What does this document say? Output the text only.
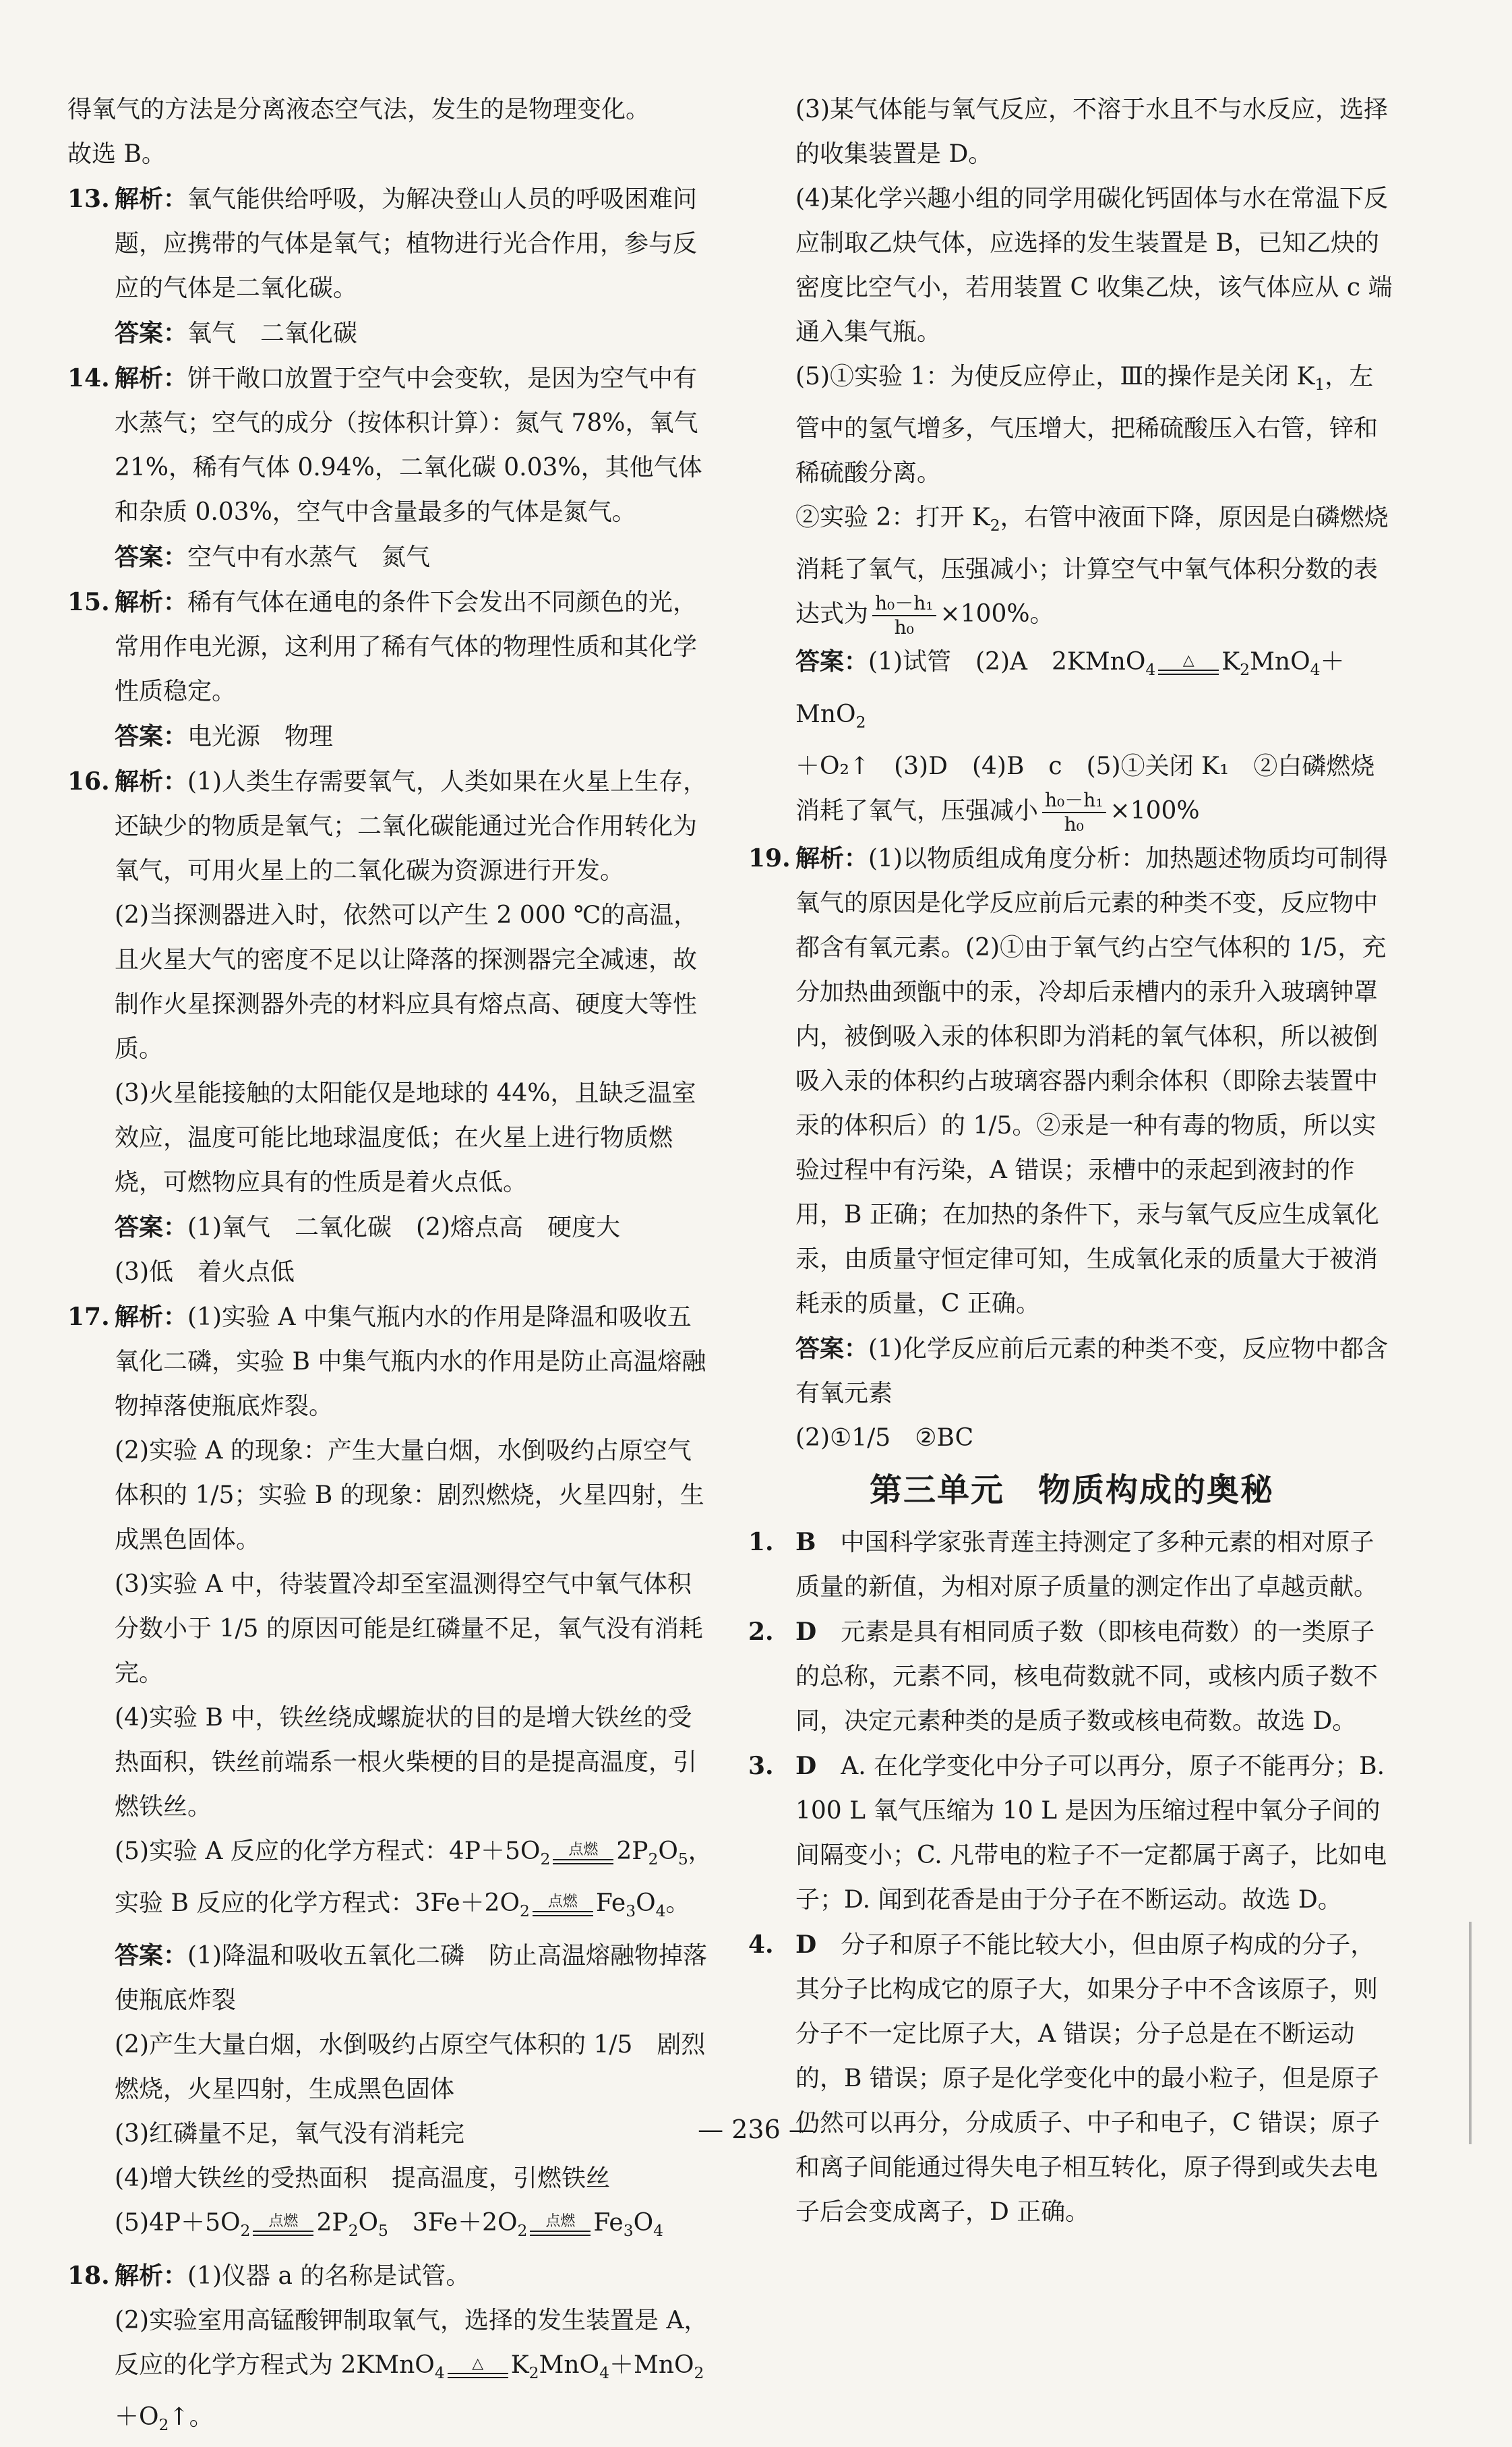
得氧气的方法是分离液态空气法，发生的是物理变化。
故选 B。
13. 解析：氧气能供给呼吸，为解决登山人员的呼吸困难问题，应携带的气体是氧气；植物进行光合作用，参与反应的气体是二氧化碳。
答案：氧气　二氧化碳
14. 解析：饼干敞口放置于空气中会变软，是因为空气中有水蒸气；空气的成分（按体积计算）：氮气 78%，氧气 21%，稀有气体 0.94%，二氧化碳 0.03%，其他气体和杂质 0.03%，空气中含量最多的气体是氮气。
答案：空气中有水蒸气　氮气
15. 解析：稀有气体在通电的条件下会发出不同颜色的光，常用作电光源，这利用了稀有气体的物理性质和其化学性质稳定。
答案：电光源　物理
16. 解析：(1)人类生存需要氧气，人类如果在火星上生存，还缺少的物质是氧气；二氧化碳能通过光合作用转化为氧气，可用火星上的二氧化碳为资源进行开发。
(2)当探测器进入时，依然可以产生 2 000 ℃的高温，且火星大气的密度不足以让降落的探测器完全减速，故制作火星探测器外壳的材料应具有熔点高、硬度大等性质。
(3)火星能接触的太阳能仅是地球的 44%，且缺乏温室效应，温度可能比地球温度低；在火星上进行物质燃烧，可燃物应具有的性质是着火点低。
答案：(1)氧气　二氧化碳　(2)熔点高　硬度大
(3)低　着火点低
17. 解析：(1)实验 A 中集气瓶内水的作用是降温和吸收五氧化二磷，实验 B 中集气瓶内水的作用是防止高温熔融物掉落使瓶底炸裂。
(2)实验 A 的现象：产生大量白烟，水倒吸约占原空气体积的 1/5；实验 B 的现象：剧烈燃烧，火星四射，生成黑色固体。
(3)实验 A 中，待装置冷却至室温测得空气中氧气体积分数小于 1/5 的原因可能是红磷量不足，氧气没有消耗完。
(4)实验 B 中，铁丝绕成螺旋状的目的是增大铁丝的受热面积，铁丝前端系一根火柴梗的目的是提高温度，引燃铁丝。
(5)实验 A 反应的化学方程式：$4P+5O_2$	点燃 $2P_2O_5$，实验 B 反应的化学方程式：$3Fe+2O_2$	点燃 $Fe_3O_4$。
答案：(1)降温和吸收五氧化二磷　防止高温熔融物掉落使瓶底炸裂
(2)产生大量白烟，水倒吸约占原空气体积的 1/5　剧烈燃烧，火星四射，生成黑色固体
(3)红磷量不足，氧气没有消耗完
(4)增大铁丝的受热面积　提高温度，引燃铁丝
$(5)4P+5O_2$	点燃 $2P_2O_5$　$3Fe+2O_2$	点燃 $Fe_3O_4$
18. 解析：(1)仪器 a 的名称是试管。
(2)实验室用高锰酸钾制取氧气，选择的发生装置是 A，反应的化学方程式为 2KMnO$_4$	△	$K_2MnO_4+MnO_2+O_2↑$。
(3)某气体能与氧气反应，不溶于水且不与水反应，选择的收集装置是 D。
(4)某化学兴趣小组的同学用碳化钙固体与水在常温下反应制取乙炔气体，应选择的发生装置是 B，已知乙炔的密度比空气小，若用装置 C 收集乙炔，该气体应从 c 端通入集气瓶。
(5)①实验 1：为使反应停止，Ⅲ的操作是关闭 $K_1$，左管中的氢气增多，气压增大，把稀硫酸压入右管，锌和稀硫酸分离。
②实验 2：打开 $K_2$，右管中液面下降，原因是白磷燃烧消耗了氧气，压强减小；计算空气中氧气体积分数的表达式为 $\frac{\text{h₀－h₁}}{\text{h₀}} \times 100\%$。
答案：(1)试管　(2)A　2KMnO$_4$	△	$K_2MnO_4+MnO_2$
＋O₂↑　(3)D　(4)B　c　(5)①关闭 K₁　②白磷燃烧
消耗了氧气，压强减小 $\frac{\text{h₀－h₁}}{\text{h₀}} \times 100\%$
19. 解析：(1)以物质组成角度分析：加热题述物质均可制得氧气的原因是化学反应前后元素的种类不变，反应物中都含有氧元素。(2)①由于氧气约占空气体积的 1/5，充分加热曲颈甑中的汞，冷却后汞槽内的汞升入玻璃钟罩内，被倒吸入汞的体积即为消耗的氧气体积，所以被倒吸入汞的体积约占玻璃容器内剩余体积（即除去装置中汞的体积后）的 1/5。②汞是一种有毒的物质，所以实验过程中有污染，A 错误；汞槽中的汞起到液封的作用，B 正确；在加热的条件下，汞与氧气反应生成氧化汞，由质量守恒定律可知，生成氧化汞的质量大于被消耗汞的质量，C 正确。
答案：(1)化学反应前后元素的种类不变，反应物中都含有氧元素
(2)①1/5　②BC
第三单元　物质构成的奥秘
1. B　 中国科学家张青莲主持测定了多种元素的相对原子质量的新值，为相对原子质量的测定作出了卓越贡献。
2. D　 元素是具有相同质子数（即核电荷数）的一类原子的总称，元素不同，核电荷数就不同，或核内质子数不同，决定元素种类的是质子数或核电荷数。故选 D。
3. D　 A. 在化学变化中分子可以再分，原子不能再分；B. 100 L 氧气压缩为 10 L 是因为压缩过程中氧分子间的间隔变小；C. 凡带电的粒子不一定都属于离子，比如电子；D. 闻到花香是由于分子在不断运动。故选 D。
4. D　 分子和原子不能比较大小，但由原子构成的分子，其分子比构成它的原子大，如果分子中不含该原子，则分子不一定比原子大，A 错误；分子总是在不断运动的，B 错误；原子是化学变化中的最小粒子，但是原子仍然可以再分，分成质子、中子和电子，C 错误；原子和离子间能通过得失电子相互转化，原子得到或失去电子后会变成离子，D 正确。
— 236 —
